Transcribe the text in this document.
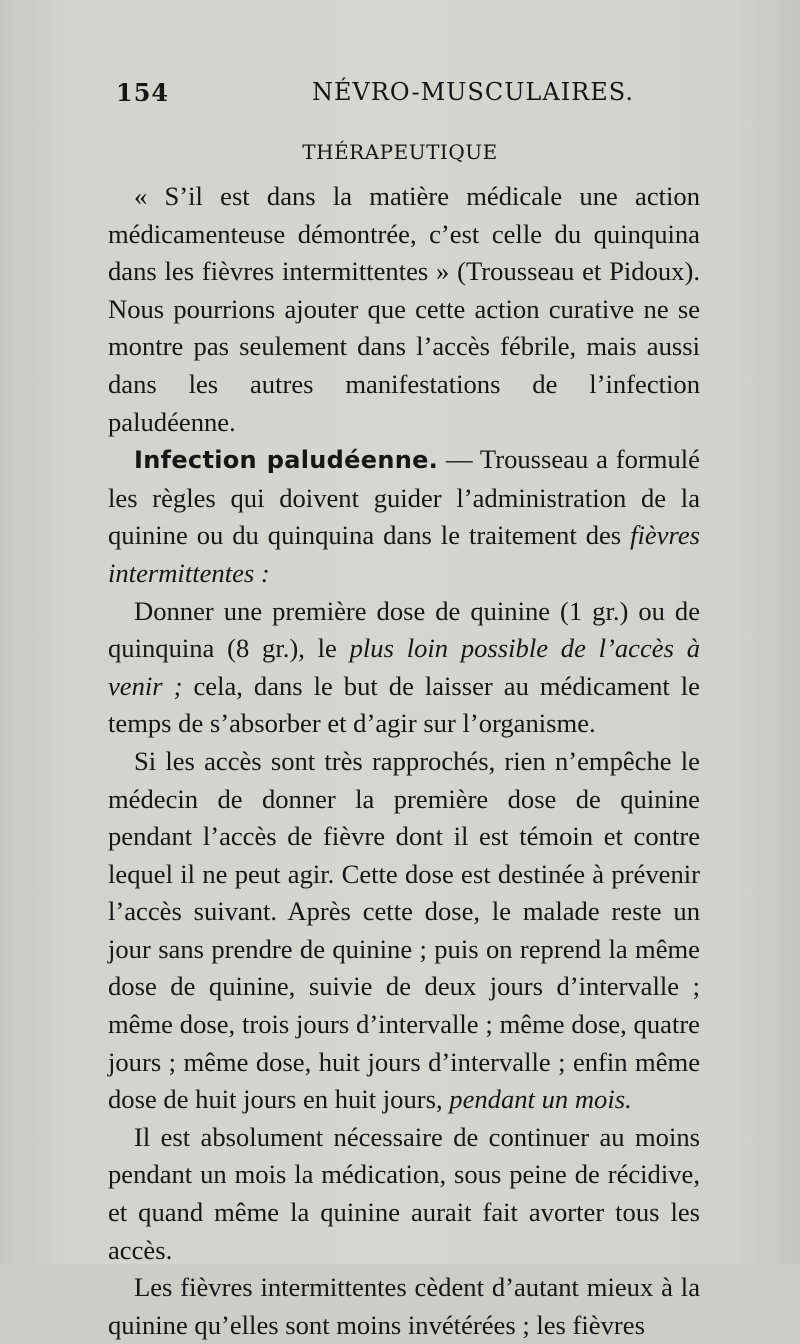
154	NÉVRO-MUSCULAIRES.
THÉRAPEUTIQUE

« S’il est dans la matière médicale une action médicamenteuse démontrée, c’est celle du quinquina dans les fièvres intermittentes » (Trousseau et Pidoux). Nous pourrions ajouter que cette action curative ne se montre pas seulement dans l’accès fébrile, mais aussi dans les autres manifestations de l’infection paludéenne.

Infection paludéenne. — Trousseau a formulé les règles qui doivent guider l’administration de la quinine ou du quinquina dans le traitement des fièvres intermittentes :

Donner une première dose de quinine (1 gr.) ou de quinquina (8 gr.), le plus loin possible de l’accès à venir ; cela, dans le but de laisser au médicament le temps de s’absorber et d’agir sur l’organisme.

Si les accès sont très rapprochés, rien n’empêche le médecin de donner la première dose de quinine pendant l’accès de fièvre dont il est témoin et contre lequel il ne peut agir. Cette dose est destinée à prévenir l’accès suivant. Après cette dose, le malade reste un jour sans prendre de quinine ; puis on reprend la même dose de quinine, suivie de deux jours d’intervalle ; même dose, trois jours d’intervalle ; même dose, quatre jours ; même dose, huit jours d’intervalle ; enfin même dose de huit jours en huit jours, pendant un mois.

Il est absolument nécessaire de continuer au moins pendant un mois la médication, sous peine de récidive, et quand même la quinine aurait fait avorter tous les accès.

Les fièvres intermittentes cèdent d’autant mieux à la quinine qu’elles sont moins invétérées ; les fièvres
